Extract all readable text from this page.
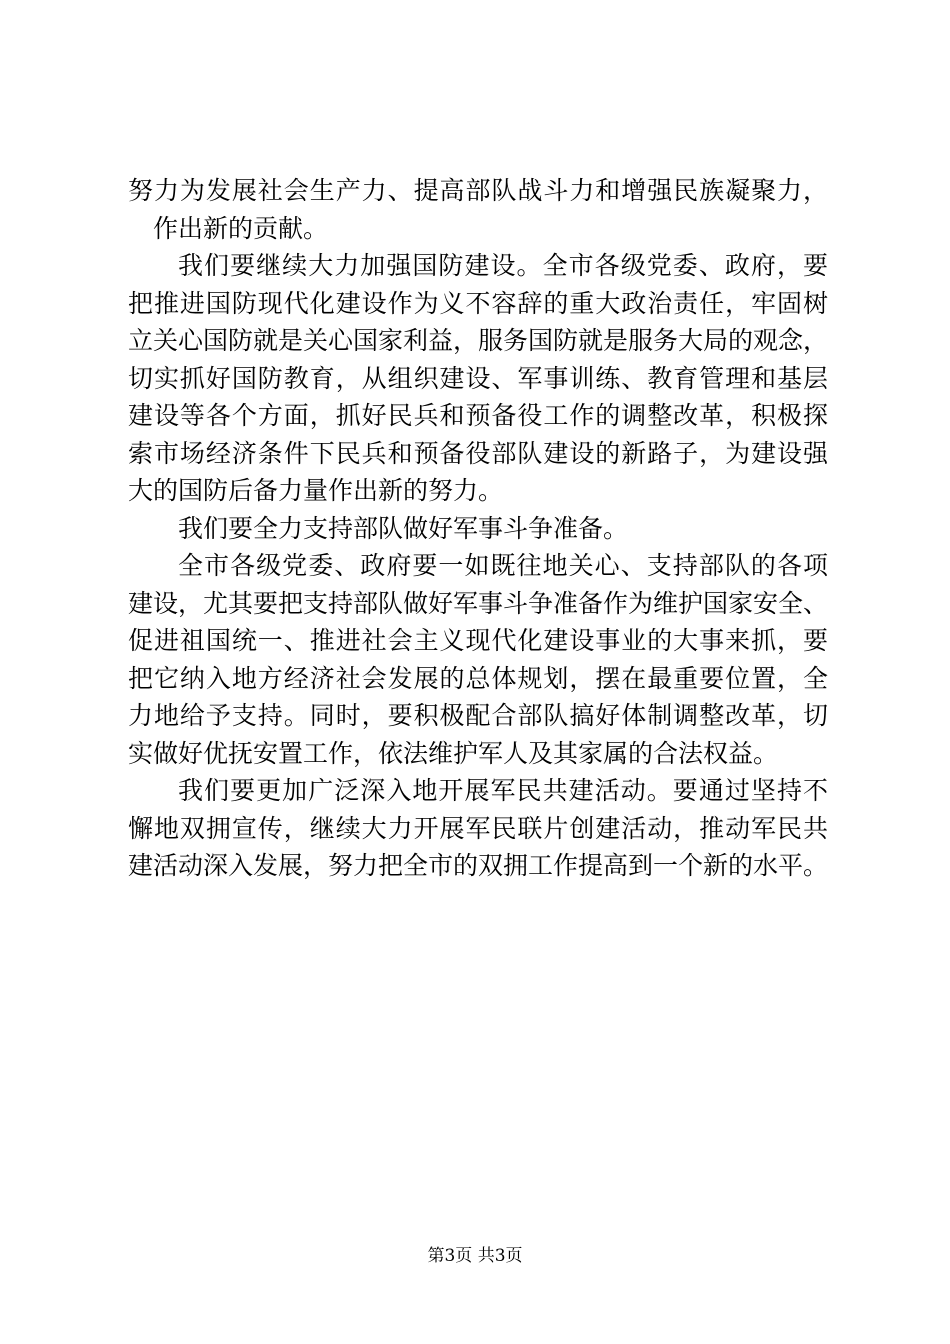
努力为发展社会生产力、提高部队战斗力和增强民族凝聚力，
作出新的贡献。
我们要继续大力加强国防建设。全市各级党委、政府，要
把推进国防现代化建设作为义不容辞的重大政治责任，牢固树
立关心国防就是关心国家利益，服务国防就是服务大局的观念，
切实抓好国防教育，从组织建设、军事训练、教育管理和基层
建设等各个方面，抓好民兵和预备役工作的调整改革，积极探
索市场经济条件下民兵和预备役部队建设的新路子，为建设强
大的国防后备力量作出新的努力。
我们要全力支持部队做好军事斗争准备。
全市各级党委、政府要一如既往地关心、支持部队的各项
建设，尤其要把支持部队做好军事斗争准备作为维护国家安全、
促进祖国统一、推进社会主义现代化建设事业的大事来抓，要
把它纳入地方经济社会发展的总体规划，摆在最重要位置，全
力地给予支持。同时，要积极配合部队搞好体制调整改革，切
实做好优抚安置工作，依法维护军人及其家属的合法权益。
我们要更加广泛深入地开展军民共建活动。要通过坚持不
懈地双拥宣传，继续大力开展军民联片创建活动，推动军民共
建活动深入发展，努力把全市的双拥工作提高到一个新的水平。
第3页 共3页
